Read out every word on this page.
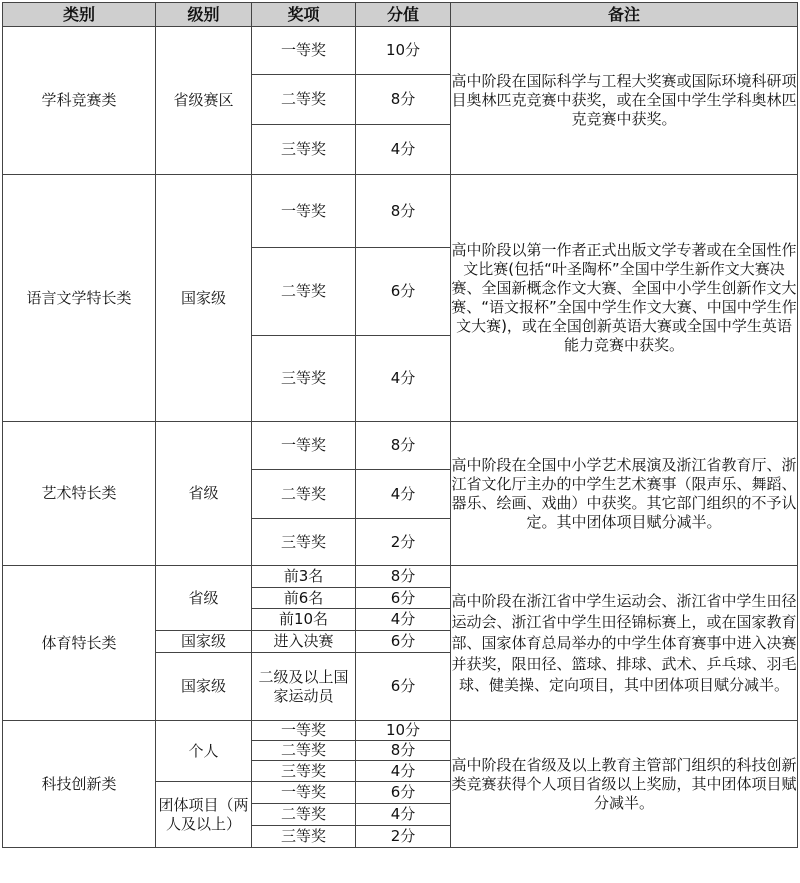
类别	级别	奖项	分值	备注
学科竞赛类	省级赛区	一等奖	10分	高中阶段在国际科学与工程大奖赛或国际环境科研项目奥林匹克竞赛中获奖，或在全国中学生学科奥林匹克竞赛中获奖。
		二等奖	8分	
		三等奖	4分	
语言文学特长类	国家级	一等奖	8分	高中阶段以第一作者正式出版文学专著或在全国性作文比赛(包括“叶圣陶杯”全国中学生新作文大赛决赛、全国新概念作文大赛、全国中小学生创新作文大赛、“语文报杯”全国中学生作文大赛、中国中学生作文大赛)，或在全国创新英语大赛或全国中学生英语能力竞赛中获奖。
		二等奖	6分	
		三等奖	4分	
艺术特长类	省级	一等奖	8分	高中阶段在全国中小学艺术展演及浙江省教育厅、浙江省文化厅主办的中学生艺术赛事（限声乐、舞蹈、器乐、绘画、戏曲）中获奖。其它部门组织的不予认定。其中团体项目赋分减半。
		二等奖	4分	
		三等奖	2分	
体育特长类	省级	前3名	8分	高中阶段在浙江省中学生运动会、浙江省中学生田径运动会、浙江省中学生田径锦标赛上，或在国家教育部、国家体育总局举办的中学生体育赛事中进入决赛并获奖，限田径、篮球、排球、武术、乒乓球、羽毛球、健美操、定向项目，其中团体项目赋分减半。
		前6名	6分	
		前10名	4分	
	国家级	进入决赛	6分	
	国家级	二级及以上国家运动员	6分	
科技创新类	个人	一等奖	10分	高中阶段在省级及以上教育主管部门组织的科技创新类竞赛获得个人项目省级以上奖励，其中团体项目赋分减半。
		二等奖	8分	
		三等奖	4分	
	团体项目（两人及以上）	一等奖	6分	
		二等奖	4分	
		三等奖	2分	
